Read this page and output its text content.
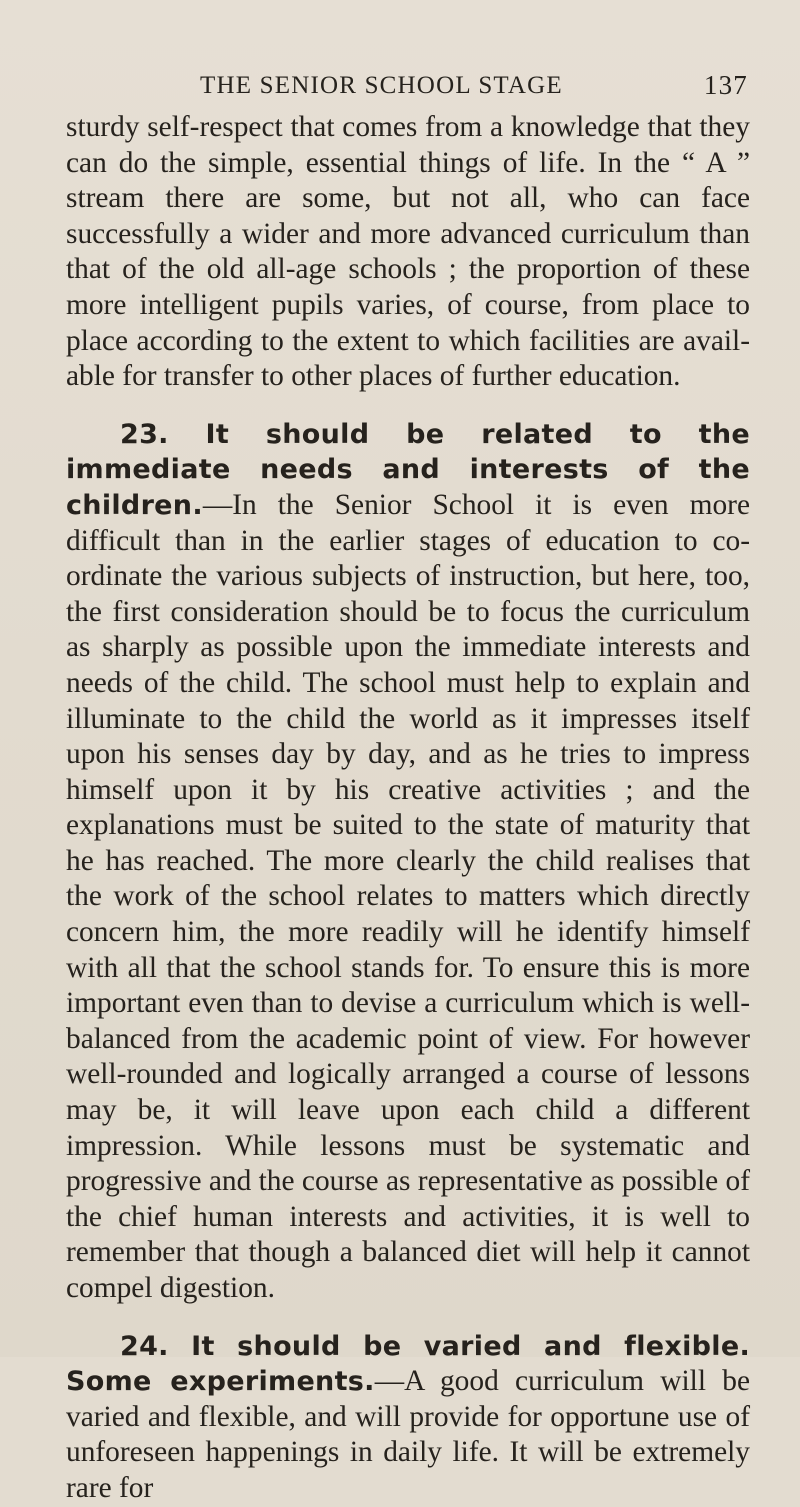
THE SENIOR SCHOOL STAGE	137

sturdy self-respect that comes from a knowledge that they can do the simple, essential things of life. In the “ A ” stream there are some, but not all, who can face successfully a wider and more advanced curriculum than that of the old all-age schools ; the proportion of these more intelligent pupils varies, of course, from place to place according to the extent to which facilities are avail-able for transfer to other places of further education.

23. It should be related to the immediate needs and interests of the children.—In the Senior School it is even more difficult than in the earlier stages of education to co-ordinate the various subjects of instruction, but here, too, the first consideration should be to focus the curriculum as sharply as possible upon the immediate interests and needs of the child. The school must help to explain and illuminate to the child the world as it impresses itself upon his senses day by day, and as he tries to impress himself upon it by his creative activities ; and the explanations must be suited to the state of maturity that he has reached. The more clearly the child realises that the work of the school relates to matters which directly concern him, the more readily will he identify himself with all that the school stands for. To ensure this is more important even than to devise a curriculum which is well-balanced from the academic point of view. For however well-rounded and logically arranged a course of lessons may be, it will leave upon each child a different impression. While lessons must be systematic and progressive and the course as representative as possible of the chief human interests and activities, it is well to remember that though a balanced diet will help it cannot compel digestion.

24. It should be varied and flexible. Some experiments.—A good curriculum will be varied and flexible, and will provide for opportune use of unforeseen happenings in daily life. It will be extremely rare for
